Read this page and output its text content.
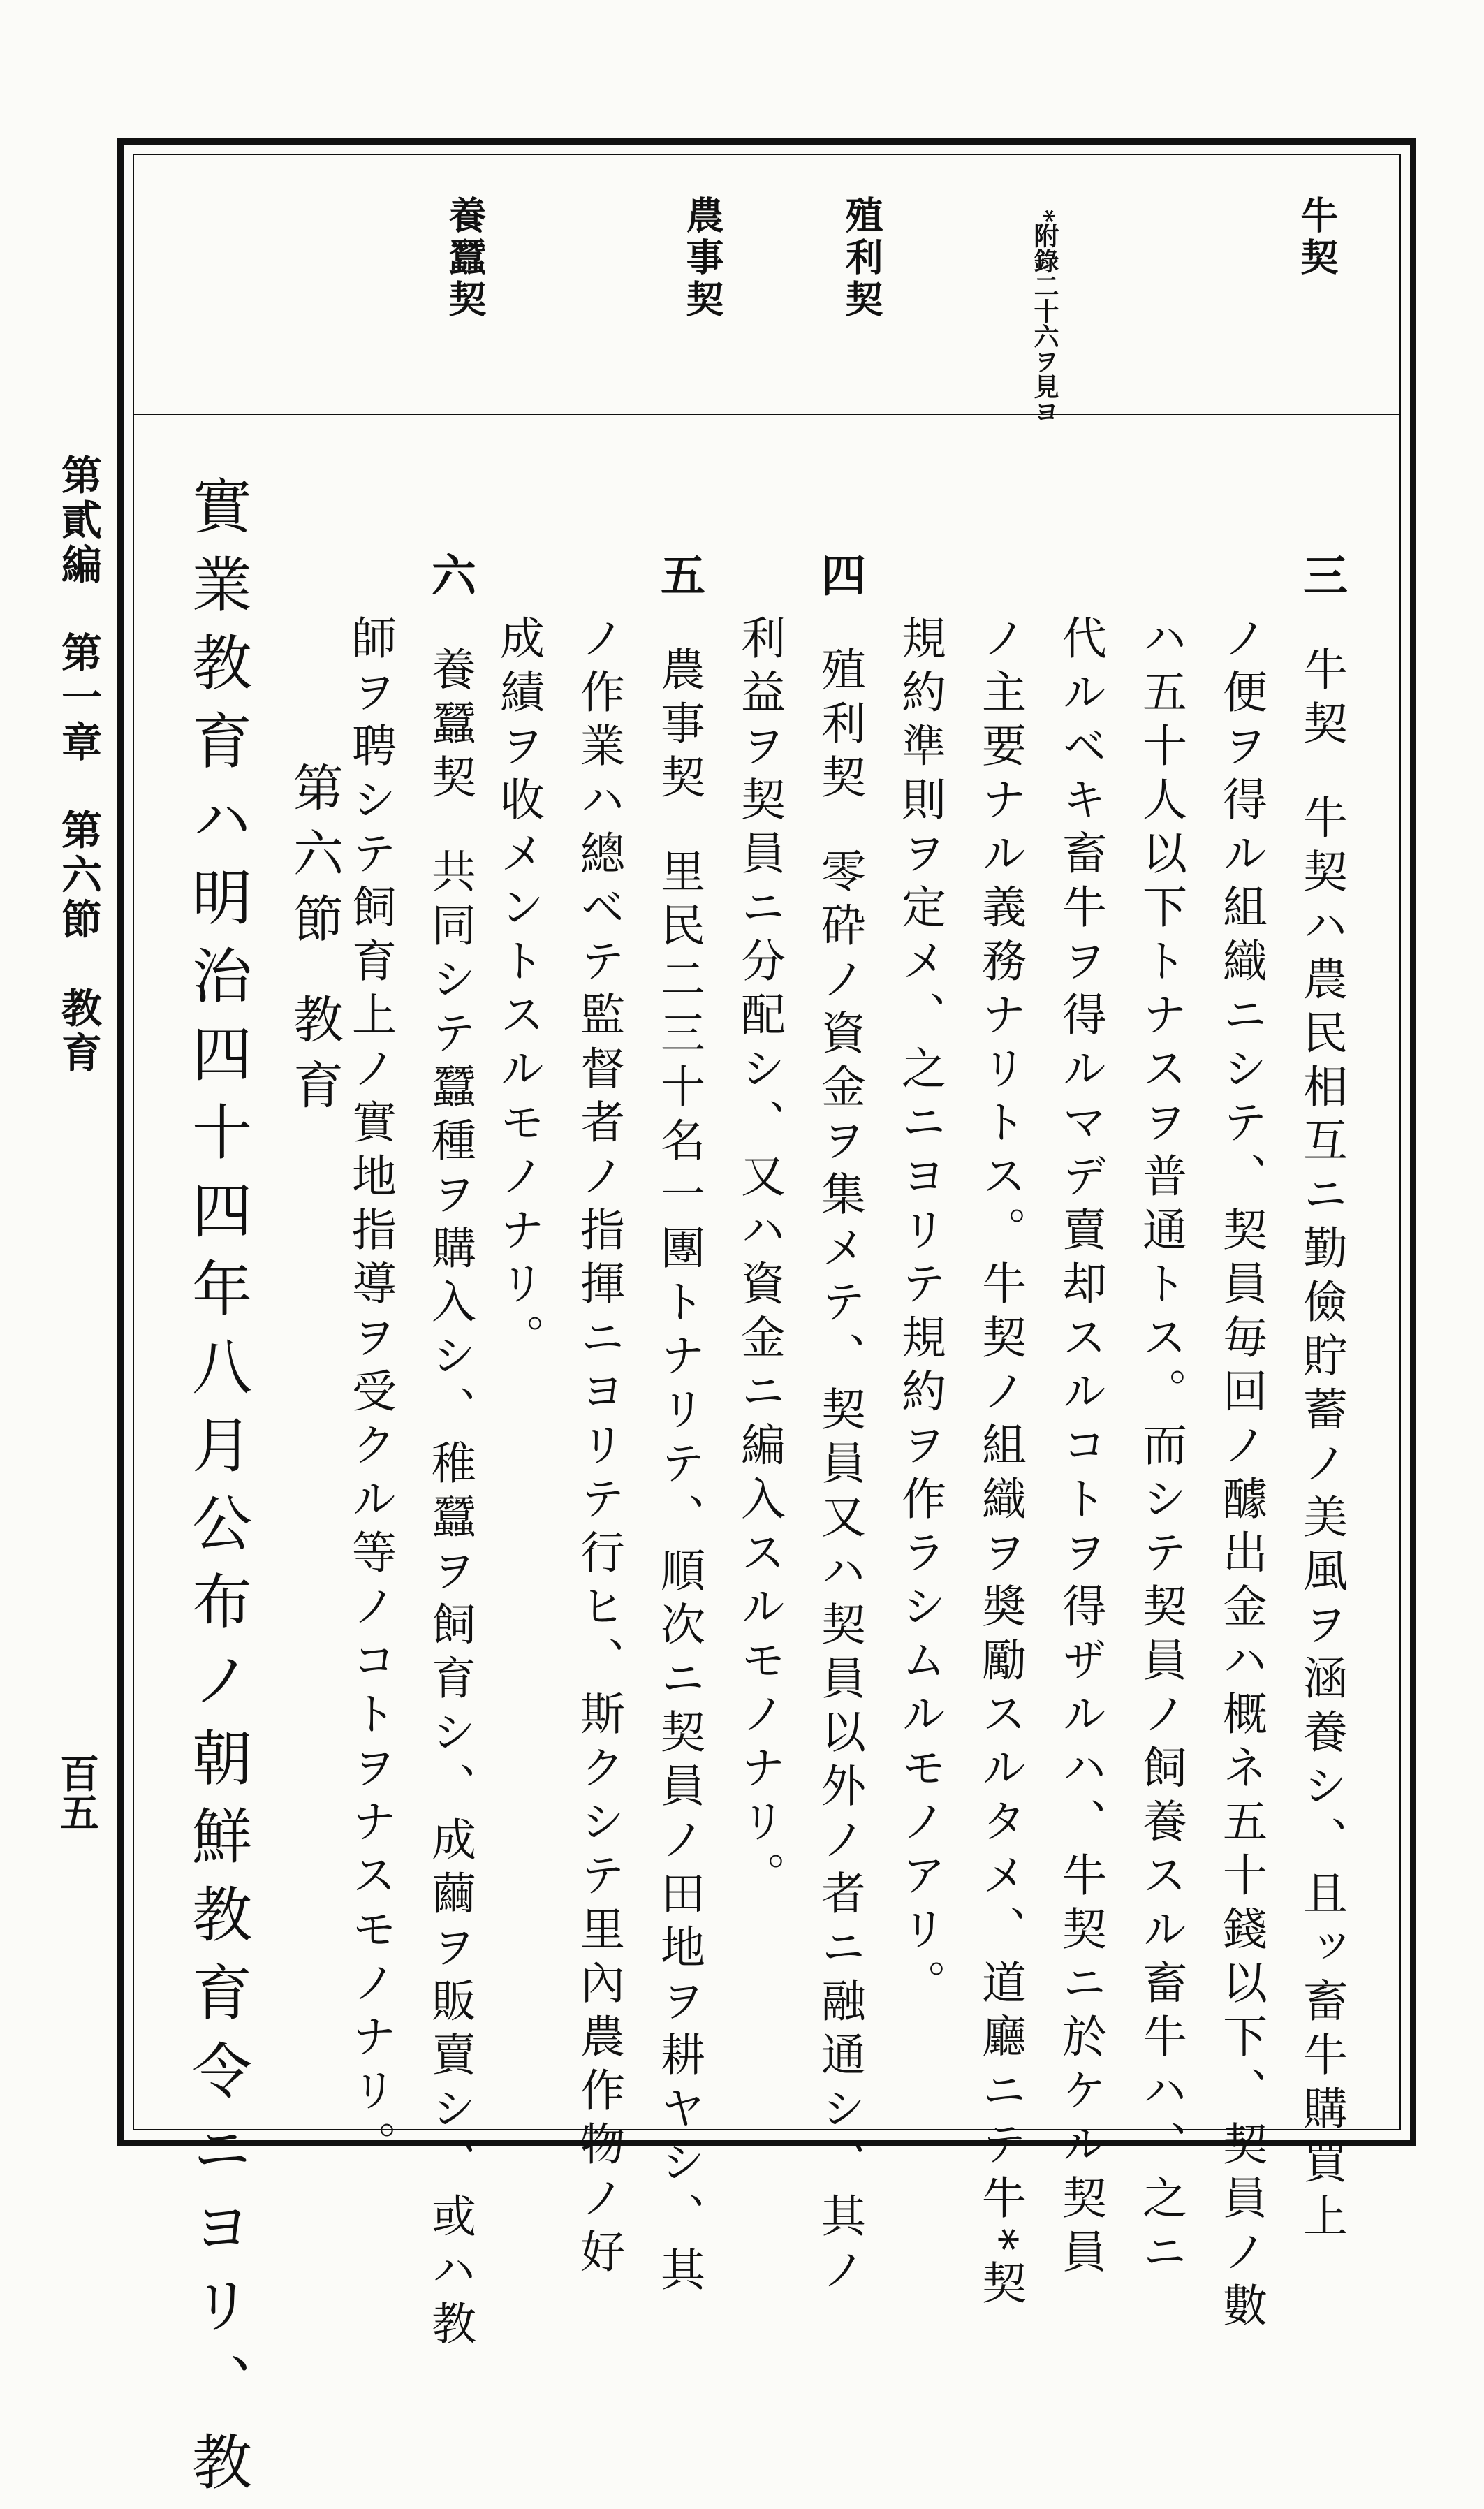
第貳編 第一章 第六節 教育
百五
牛契
*附錄二十六ヲ見ヨ
殖利契
農事契
養蠶契
三牛契牛契ハ農民相互ニ勤儉貯蓄ノ美風ヲ涵養シ、且ッ畜牛購買上
ノ便ヲ得ル組織ニシテ、契員毎回ノ醵出金ハ概ネ五十錢以下、契員ノ數
ハ五十人以下トナスヲ普通トス。而シテ契員ノ飼養スル畜牛ハ、之ニ
代ルベキ畜牛ヲ得ルマデ賣却スルコトヲ得ザルハ、牛契ニ於ケル契員
ノ主要ナル義務ナリトス。牛契ノ組織ヲ奬勵スルタメ、道廳ニテ牛*契
規約準則ヲ定メ、之ニヨリテ規約ヲ作ラシムルモノアリ。
四殖利契零砕ノ資金ヲ集メテ、契員又ハ契員以外ノ者ニ融通シ、其ノ
利益ヲ契員ニ分配シ、又ハ資金ニ編入スルモノナリ。
五農事契里民二三十名一團トナリテ、順次ニ契員ノ田地ヲ耕ヤシ、其
ノ作業ハ總ベテ監督者ノ指揮ニヨリテ行ヒ、斯クシテ里內農作物ノ好
成績ヲ收メントスルモノナリ。
六養蠶契共同シテ蠶種ヲ購入シ、稚蠶ヲ飼育シ、成繭ヲ販賣シ、或ハ教
師ヲ聘シテ飼育上ノ實地指導ヲ受クル等ノコトヲナスモノナリ。
第六節教育
實業教育ハ明治四十四年八月公布ノ朝鮮教育令ニヨリ、教
